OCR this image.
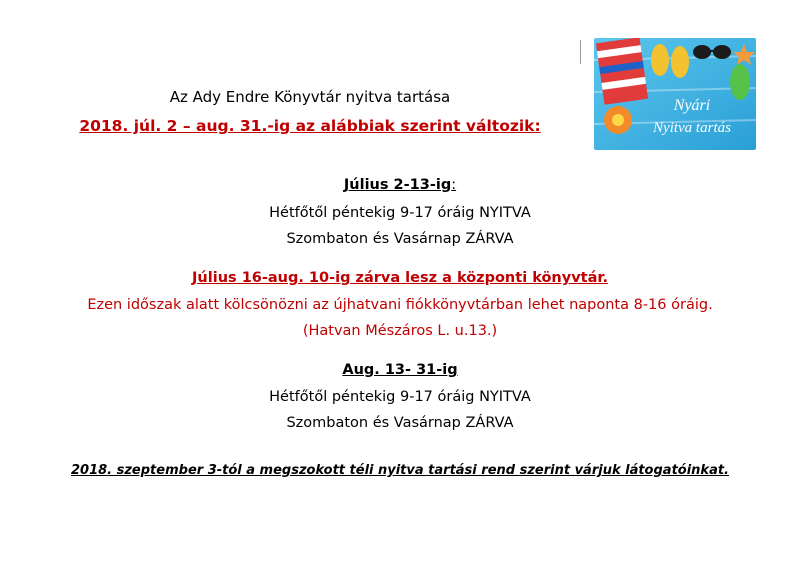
Nyári
Nyitva tartás
Az Ady Endre Könyvtár nyitva tartása
2018. júl. 2 – aug. 31.-ig az alábbiak szerint változik:
Július 2-13-ig:
Hétfőtől péntekig 9-17 óráig NYITVA
Szombaton és Vasárnap ZÁRVA
Július 16-aug. 10-ig zárva lesz a központi könyvtár.
Ezen időszak alatt kölcsönözni az újhatvani fiókkönyvtárban lehet naponta 8-16 óráig.
(Hatvan Mészáros L. u.13.)
Aug. 13- 31-ig
Hétfőtől péntekig 9-17 óráig NYITVA
Szombaton és Vasárnap ZÁRVA
2018. szeptember 3-tól a megszokott téli nyitva tartási rend szerint várjuk látogatóinkat.
